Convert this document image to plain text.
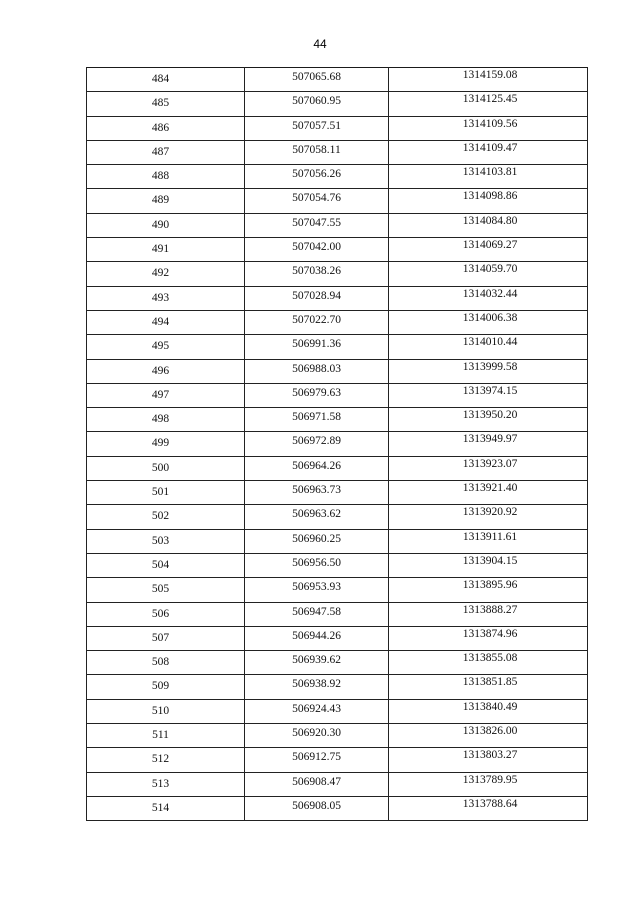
44
484	507065.68	1314159.08

485	507060.95	1314125.45

486	507057.51	1314109.56

487	507058.11	1314109.47

488	507056.26	1314103.81

489	507054.76	1314098.86

490	507047.55	1314084.80

491	507042.00	1314069.27

492	507038.26	1314059.70

493	507028.94	1314032.44

494	507022.70	1314006.38

495	506991.36	1314010.44

496	506988.03	1313999.58

497	506979.63	1313974.15

498	506971.58	1313950.20

499	506972.89	1313949.97

500	506964.26	1313923.07

501	506963.73	1313921.40

502	506963.62	1313920.92

503	506960.25	1313911.61

504	506956.50	1313904.15

505	506953.93	1313895.96

506	506947.58	1313888.27

507	506944.26	1313874.96

508	506939.62	1313855.08

509	506938.92	1313851.85

510	506924.43	1313840.49

511	506920.30	1313826.00

512	506912.75	1313803.27

513	506908.47	1313789.95

514	506908.05	1313788.64
